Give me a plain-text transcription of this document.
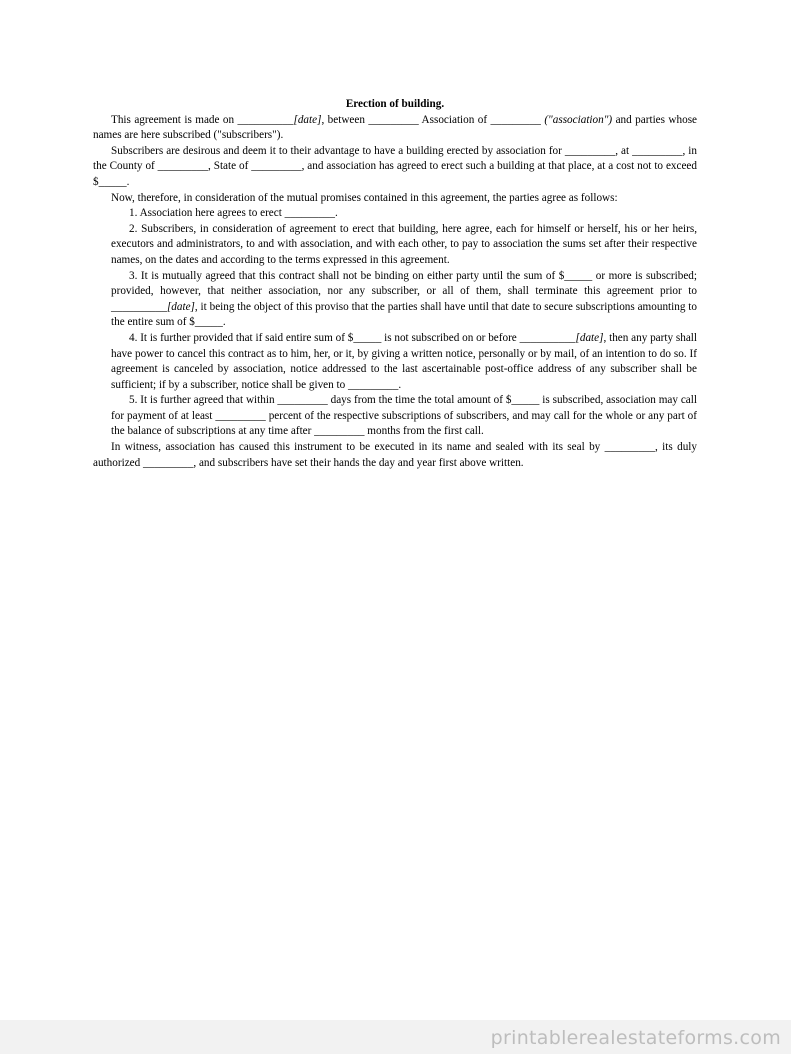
Erection of building.

This agreement is made on __________[date], between _________ Association of _________ ("association") and parties whose names are here subscribed ("subscribers").

Subscribers are desirous and deem it to their advantage to have a building erected by association for _________, at _________, in the County of _________, State of _________, and association has agreed to erect such a building at that place, at a cost not to exceed $_____.

Now, therefore, in consideration of the mutual promises contained in this agreement, the parties agree as follows:

1. Association here agrees to erect _________.

2. Subscribers, in consideration of agreement to erect that building, here agree, each for himself or herself, his or her heirs, executors and administrators, to and with association, and with each other, to pay to association the sums set after their respective names, on the dates and according to the terms expressed in this agreement.

3. It is mutually agreed that this contract shall not be binding on either party until the sum of $_____ or more is subscribed; provided, however, that neither association, nor any subscriber, or all of them, shall terminate this agreement prior to __________[date], it being the object of this proviso that the parties shall have until that date to secure subscriptions amounting to the entire sum of $_____.

4. It is further provided that if said entire sum of $_____ is not subscribed on or before __________[date], then any party shall have power to cancel this contract as to him, her, or it, by giving a written notice, personally or by mail, of an intention to do so. If agreement is canceled by association, notice addressed to the last ascertainable post-office address of any subscriber shall be sufficient; if by a subscriber, notice shall be given to _________.

5. It is further agreed that within _________ days from the time the total amount of $_____ is subscribed, association may call for payment of at least _________ percent of the respective subscriptions of subscribers, and may call for the whole or any part of the balance of subscriptions at any time after _________ months from the first call.

In witness, association has caused this instrument to be executed in its name and sealed with its seal by _________, its duly authorized _________, and subscribers have set their hands the day and year first above written.

printablerealestateforms.com
